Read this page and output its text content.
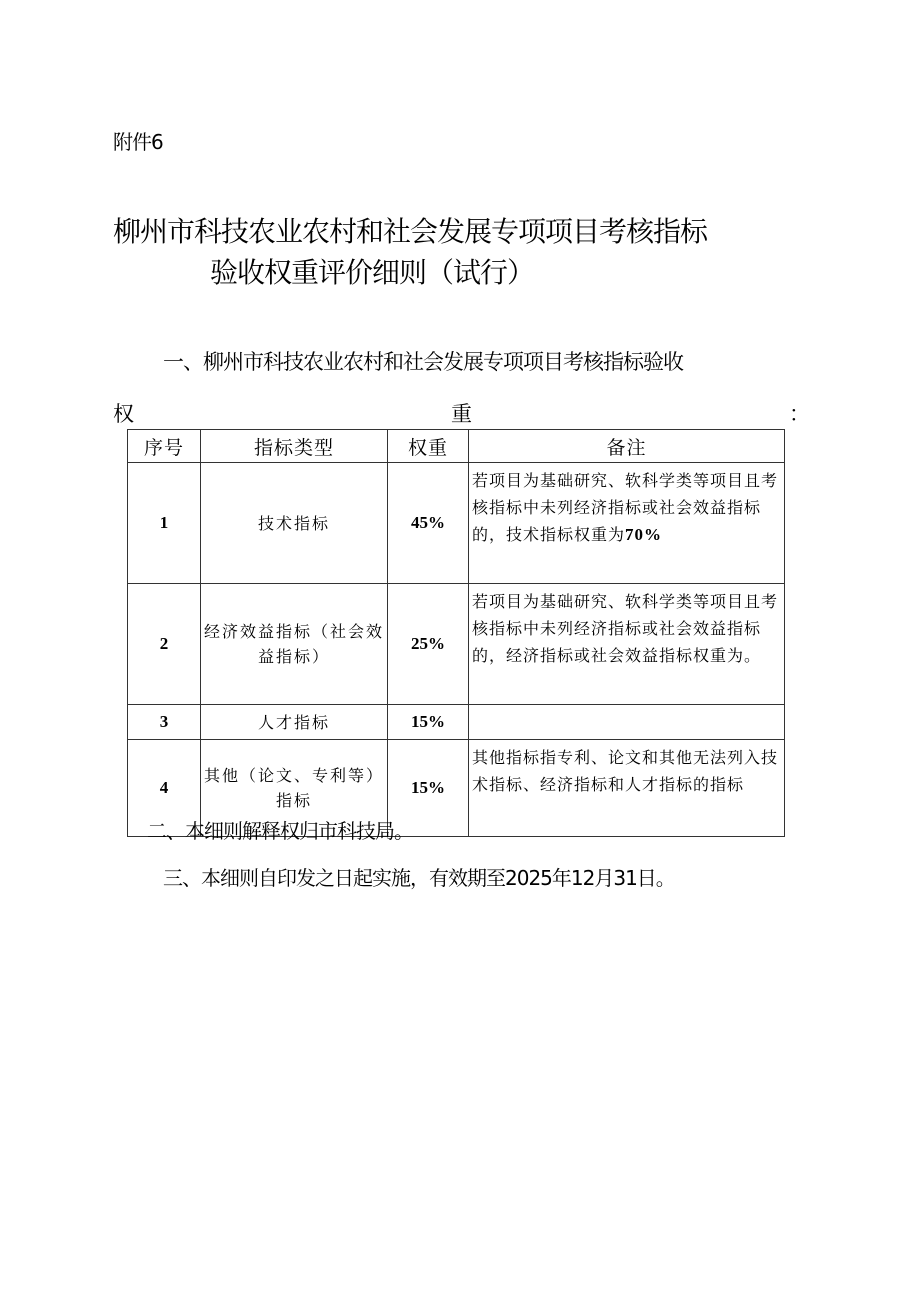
附件6
柳州市科技农业农村和社会发展专项项目考核指标
验收权重评价细则（试行）
一、柳州市科技农业农村和社会发展专项项目考核指标验收
权	重	：
序号	指标类型	权重	备注
1	技术指标	45%	若项目为基础研究、软科学类等项目且考核指标中未列经济指标或社会效益指标的，技术指标权重为70%
2	经济效益指标（社会效益指标）	25%	若项目为基础研究、软科学类等项目且考核指标中未列经济指标或社会效益指标的，经济指标或社会效益指标权重为。
3	人才指标	15%	
4	其他（论文、专利等）指标	15%	其他指标指专利、论文和其他无法列入技术指标、经济指标和人才指标的指标
二、本细则解释权归市科技局。
三、本细则自印发之日起实施，有效期至2025年12月31日。
